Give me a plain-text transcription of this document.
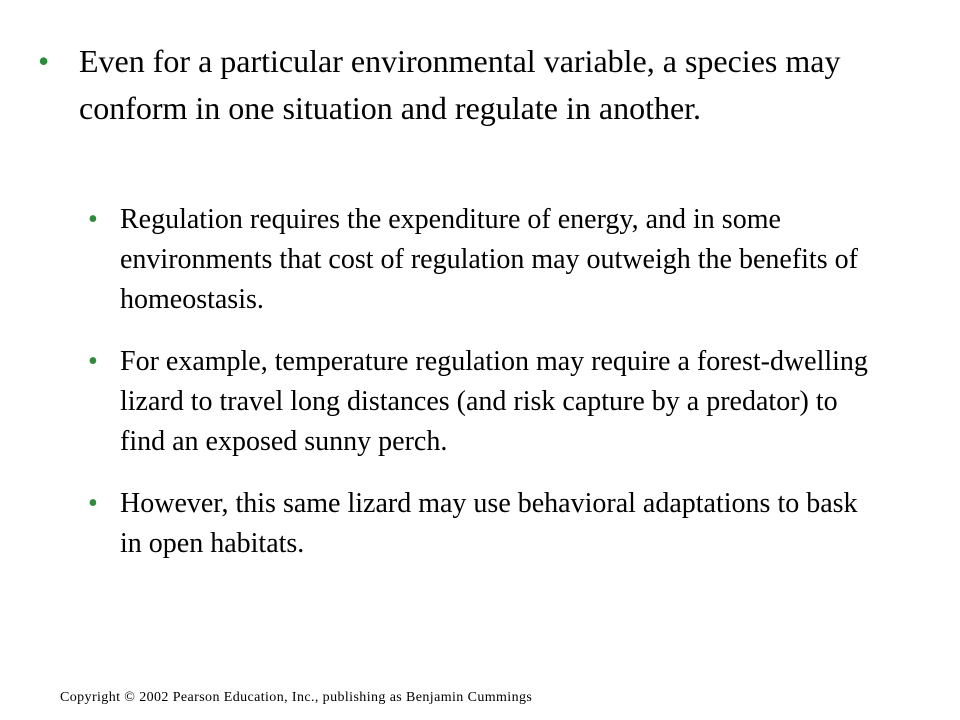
• Even for a particular environmental variable, a species may conform in one situation and regulate in another.
• Regulation requires the expenditure of energy, and in some environments that cost of regulation may outweigh the benefits of homeostasis.
• For example, temperature regulation may require a forest-dwelling lizard to travel long distances (and risk capture by a predator) to find an exposed sunny perch.
• However, this same lizard may use behavioral adaptations to bask in open habitats.
Copyright © 2002 Pearson Education, Inc., publishing as Benjamin Cummings
